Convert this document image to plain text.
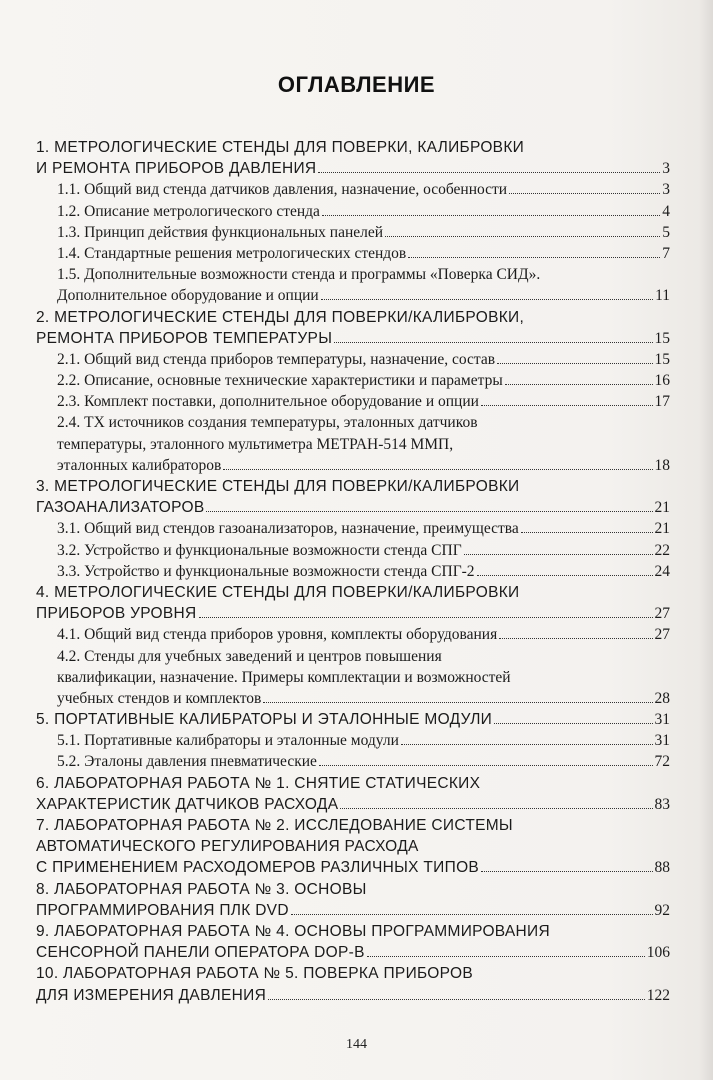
ОГЛАВЛЕНИЕ
1. МЕТРОЛОГИЧЕСКИЕ СТЕНДЫ ДЛЯ ПОВЕРКИ, КАЛИБРОВКИ
И РЕМОНТА ПРИБОРОВ ДАВЛЕНИЯ	3
1.1. Общий вид стенда датчиков давления, назначение, особенности	3
1.2. Описание метрологического стенда	4
1.3. Принцип действия функциональных панелей	5
1.4. Стандартные решения метрологических стендов	7
1.5. Дополнительные возможности стенда и программы «Поверка СИД».
Дополнительное оборудование и опции	11
2. МЕТРОЛОГИЧЕСКИЕ СТЕНДЫ ДЛЯ ПОВЕРКИ/КАЛИБРОВКИ,
РЕМОНТА ПРИБОРОВ ТЕМПЕРАТУРЫ	15
2.1. Общий вид стенда приборов температуры, назначение, состав	15
2.2. Описание, основные технические характеристики и параметры	16
2.3. Комплект поставки, дополнительное оборудование и опции	17
2.4. ТХ источников создания температуры, эталонных датчиков
температуры, эталонного мультиметра МЕТРАН-514 ММП,
эталонных калибраторов	18
3. МЕТРОЛОГИЧЕСКИЕ СТЕНДЫ ДЛЯ ПОВЕРКИ/КАЛИБРОВКИ
ГАЗОАНАЛИЗАТОРОВ	21
3.1. Общий вид стендов газоанализаторов, назначение, преимущества	21
3.2. Устройство и функциональные возможности стенда СПГ	22
3.3. Устройство и функциональные возможности стенда СПГ-2	24
4. МЕТРОЛОГИЧЕСКИЕ СТЕНДЫ ДЛЯ ПОВЕРКИ/КАЛИБРОВКИ
ПРИБОРОВ УРОВНЯ	27
4.1. Общий вид стенда приборов уровня, комплекты оборудования	27
4.2. Стенды для учебных заведений и центров повышения
квалификации, назначение. Примеры комплектации и возможностей
учебных стендов и комплектов	28
5. ПОРТАТИВНЫЕ КАЛИБРАТОРЫ И ЭТАЛОННЫЕ МОДУЛИ	31
5.1. Портативные калибраторы и эталонные модули	31
5.2. Эталоны давления пневматические	72
6. ЛАБОРАТОРНАЯ РАБОТА № 1. СНЯТИЕ СТАТИЧЕСКИХ
ХАРАКТЕРИСТИК ДАТЧИКОВ РАСХОДА	83
7. ЛАБОРАТОРНАЯ РАБОТА № 2. ИССЛЕДОВАНИЕ СИСТЕМЫ
АВТОМАТИЧЕСКОГО РЕГУЛИРОВАНИЯ РАСХОДА
С ПРИМЕНЕНИЕМ РАСХОДОМЕРОВ РАЗЛИЧНЫХ ТИПОВ	88
8. ЛАБОРАТОРНАЯ РАБОТА № 3. ОСНОВЫ
ПРОГРАММИРОВАНИЯ ПЛК DVD	92
9. ЛАБОРАТОРНАЯ РАБОТА № 4. ОСНОВЫ ПРОГРАММИРОВАНИЯ
СЕНСОРНОЙ ПАНЕЛИ ОПЕРАТОРА DOP-B	106
10. ЛАБОРАТОРНАЯ РАБОТА № 5. ПОВЕРКА ПРИБОРОВ
ДЛЯ ИЗМЕРЕНИЯ ДАВЛЕНИЯ	122
144
